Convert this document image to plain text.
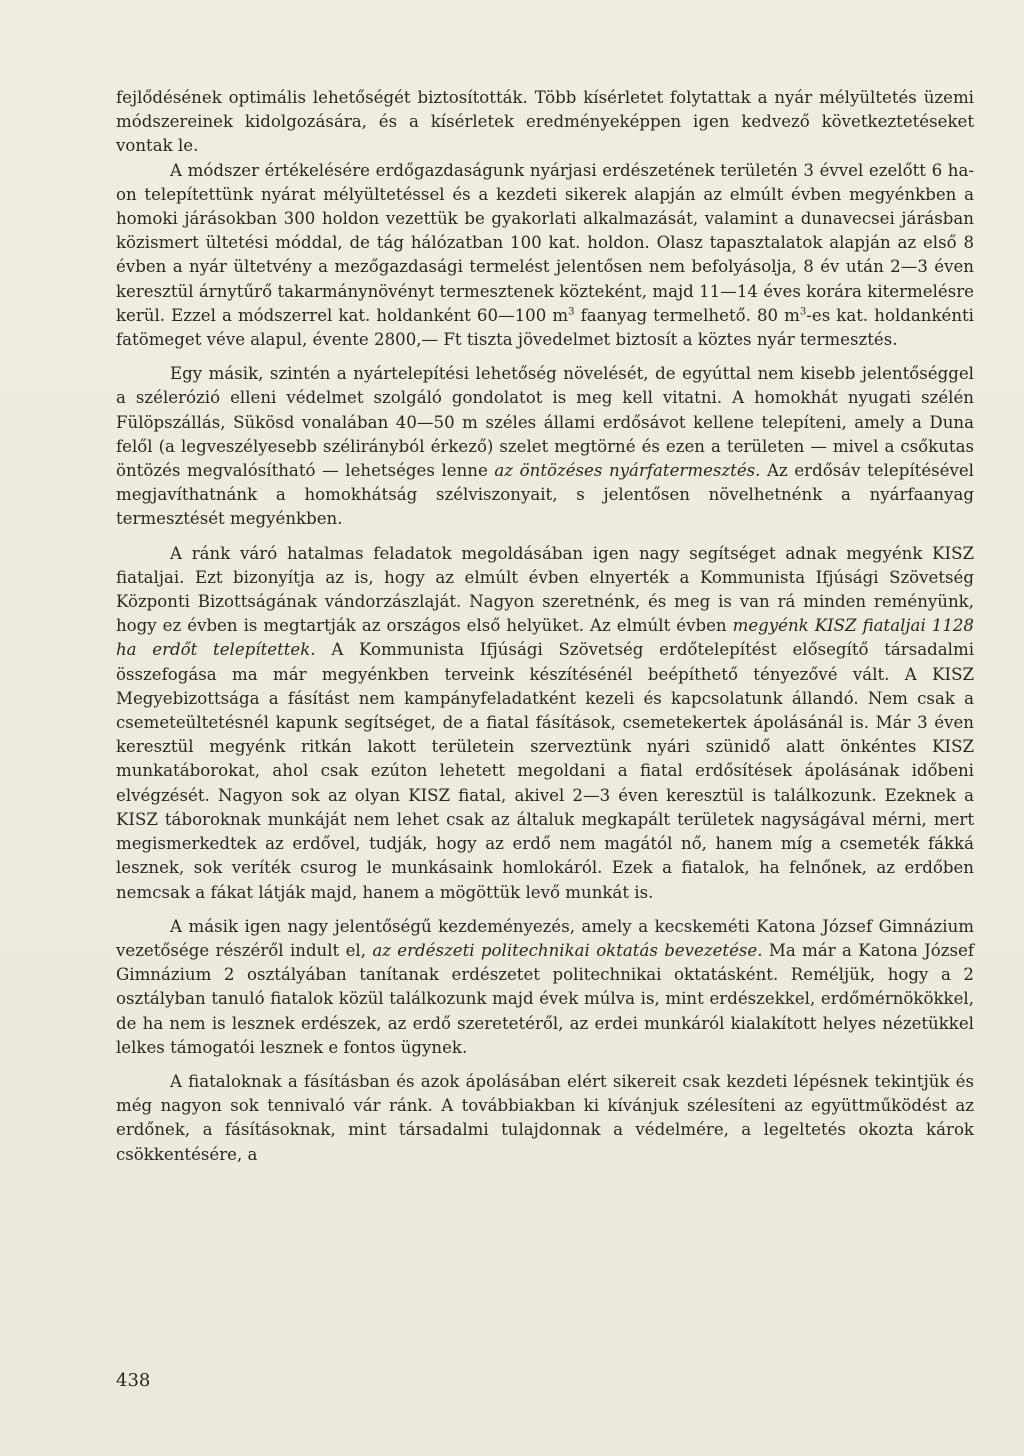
fejlődésének optimális lehetőségét biztosították. Több kísérletet folytattak a nyár mélyültetés üzemi módszereinek kidolgozására, és a kísérletek eredményeképpen igen kedvező következtetéseket vontak le.

A módszer értékelésére erdőgazdaságunk nyárjasi erdészetének területén 3 évvel ezelőtt 6 ha-on telepítettünk nyárat mélyültetéssel és a kezdeti sikerek alapján az elmúlt évben megyénkben a homoki járásokban 300 holdon vezettük be gyakorlati alkalmazását, valamint a dunavecsei járásban közismert ültetési móddal, de tág hálózatban 100 kat. holdon. Olasz tapasztalatok alapján az első 8 évben a nyár ültetvény a mezőgazdasági termelést jelentősen nem befolyásolja, 8 év után 2—3 éven keresztül árnytűrő takarmánynövényt termesztenek közteként, majd 11—14 éves korára kitermelésre kerül. Ezzel a módszerrel kat. holdanként 60—100 $m^3$ faanyag termelhető. 80 $m^3-es$ kat. holdankénti fatömeget véve alapul, évente 2800,— Ft tiszta jövedelmet biztosít a köztes nyár termesztés.

Egy másik, szintén a nyártelepítési lehetőség növelését, de egyúttal nem kisebb jelentőséggel a szélerózió elleni védelmet szolgáló gondolatot is meg kell vitatni. A homokhát nyugati szélén Fülöpszállás, Sükösd vonalában 40—50 m széles állami erdősávot kellene telepíteni, amely a Duna felől (a legveszélyesebb szélirányból érkező) szelet megtörné és ezen a területen — mivel a csőkutas öntözés megvalósítható — lehetséges lenne az öntözéses nyárfatermesztés. Az erdősáv telepítésével megjavíthatnánk a homokhátság szélviszonyait, s jelentősen növelhetnénk a nyárfaanyag termesztését megyénkben.

A ránk váró hatalmas feladatok megoldásában igen nagy segítséget adnak megyénk KISZ fiataljai. Ezt bizonyítja az is, hogy az elmúlt évben elnyerték a Kommunista Ifjúsági Szövetség Központi Bizottságának vándorzászlaját. Nagyon szeretnénk, és meg is van rá minden reményünk, hogy ez évben is megtartják az országos első helyüket. Az elmúlt évben megyénk KISZ fiataljai 1128 ha erdőt telepítettek. A Kommunista Ifjúsági Szövetség erdőtelepítést elősegítő társadalmi összefogása ma már megyénkben terveink készítésénél beépíthető tényezővé vált. A KISZ Megyebizottsága a fásítást nem kampányfeladatként kezeli és kapcsolatunk állandó. Nem csak a csemeteültetésnél kapunk segítséget, de a fiatal fásítások, csemetekertek ápolásánál is. Már 3 éven keresztül megyénk ritkán lakott területein szerveztünk nyári szünidő alatt önkéntes KISZ munkatáborokat, ahol csak ezúton lehetett megoldani a fiatal erdősítések ápolásának időbeni elvégzését. Nagyon sok az olyan KISZ fiatal, akivel 2—3 éven keresztül is találkozunk. Ezeknek a KISZ táboroknak munkáját nem lehet csak az általuk megkapált területek nagyságával mérni, mert megismerkedtek az erdővel, tudják, hogy az erdő nem magától nő, hanem míg a csemeték fákká lesznek, sok veríték csurog le munkásaink homlokáról. Ezek a fiatalok, ha felnőnek, az erdőben nemcsak a fákat látják majd, hanem a mögöttük levő munkát is.

A másik igen nagy jelentőségű kezdeményezés, amely a kecskeméti Katona József Gimnázium vezetősége részéről indult el, az erdészeti politechnikai oktatás bevezetése. Ma már a Katona József Gimnázium 2 osztályában tanítanak erdészetet politechnikai oktatásként. Reméljük, hogy a 2 osztályban tanuló fiatalok közül találkozunk majd évek múlva is, mint erdészekkel, erdőmérnökökkel, de ha nem is lesznek erdészek, az erdő szeretetéről, az erdei munkáról kialakított helyes nézetükkel lelkes támogatói lesznek e fontos ügynek.

A fiataloknak a fásításban és azok ápolásában elért sikereit csak kezdeti lépésnek tekintjük és még nagyon sok tennivaló vár ránk. A továbbiakban ki kívánjuk szélesíteni az együttműködést az erdőnek, a fásításoknak, mint társadalmi tulajdonnak a védelmére, a legeltetés okozta károk csökkentésére, a

438
